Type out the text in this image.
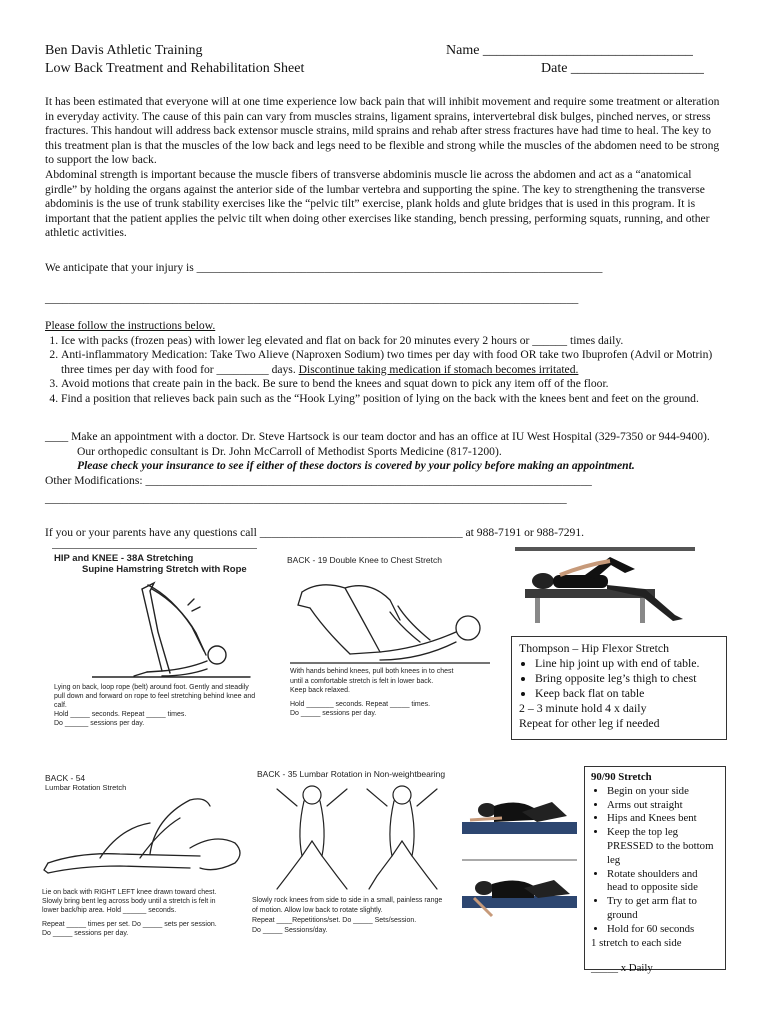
Ben Davis Athletic Training
Low Back Treatment and Rehabilitation Sheet
Name ______________________________
Date ___________________
It has been estimated that everyone will at one time experience low back pain that will inhibit movement and require some treatment or alteration in everyday activity. The cause of this pain can vary from muscles strains, ligament sprains, intervertebral disk bulges, pinched nerves, or stress fractures. This handout will address back extensor muscle strains, mild sprains and rehab after stress fractures have had time to heal. The key to this treatment plan is that the muscles of the low back and legs need to be flexible and strong while the muscles of the abdomen need to be strong to support the low back.
Abdominal strength is important because the muscle fibers of transverse abdominis muscle lie across the abdomen and act as a “anatomical girdle” by holding the organs against the anterior side of the lumbar vertebra and supporting the spine. The key to strengthening the transverse abdominis is the use of trunk stability exercises like the “pelvic tilt” exercise, plank holds and glute bridges that is used in this program. It is important that the patient applies the pelvic tilt when doing other exercises like standing, bench pressing, performing squats, running, and other athletic activities.
We anticipate that your injury is ______________________________________________________________________
____________________________________________________________________________________________
Please follow the instructions below.
1. Ice with packs (frozen peas) with lower leg elevated and flat on back for 20 minutes every 2 hours or ______ times daily.
2. Anti-inflammatory Medication: Take Two Alieve (Naproxen Sodium) two times per day with food OR take two Ibuprofen (Advil or Motrin) three times per day with food for _________ days. Discontinue taking medication if stomach becomes irritated.
3. Avoid motions that create pain in the back. Be sure to bend the knees and squat down to pick any item off of the floor.
4. Find a position that relieves back pain such as the “Hook Lying” position of lying on the back with the knees bent and feet on the ground.
____ Make an appointment with a doctor. Dr. Steve Hartsock is our team doctor and has an office at IU West Hospital (329-7350 or 944-9400). Our orthopedic consultant is Dr. John McCarroll of Methodist Sports Medicine (817-1200).
Please check your insurance to see if either of these doctors is covered by your policy before making an appointment.
Other Modifications: _____________________________________________________________________________
__________________________________________________________________________________________
If you or your parents have any questions call ___________________________________ at 988-7191 or 988-7291.
HIP and KNEE - 38A Stretching
Supine Hamstring Stretch with Rope
Lying on back, loop rope (belt) around foot. Gently and steadily
pull down and forward on rope to feel stretching behind knee and
calf.
Hold _____ seconds. Repeat _____ times.
Do ______ sessions per day.
BACK - 19 Double Knee to Chest Stretch
With hands behind knees, pull both knees in to chest
until a comfortable stretch is felt in lower back.
Keep back relaxed.
Hold _______ seconds. Repeat _____ times.
Do _____ sessions per day.
Thompson – Hip Flexor Stretch
• Line hip joint up with end of table.
• Bring opposite leg’s thigh to chest
• Keep back flat on table
2 – 3 minute hold 4 x daily
Repeat for other leg if needed
BACK - 54
Lumbar Rotation Stretch
Lie on back with RIGHT LEFT knee drawn toward chest.
Slowly bring bent leg across body until a stretch is felt in
lower back/hip area. Hold ______ seconds.
Repeat _____ times per set. Do _____ sets per session.
Do _____ sessions per day.
BACK - 35 Lumbar Rotation in Non-weightbearing
Slowly rock knees from side to side in a small, painless range
of motion. Allow low back to rotate slightly.
Repeat ____Repetitions/set. Do _____ Sets/session.
Do _____ Sessions/day.
90/90 Stretch
• Begin on your side
• Arms out straight
• Hips and Knees bent
• Keep the top leg PRESSED to the bottom leg
• Rotate shoulders and head to opposite side
• Try to get arm flat to ground
• Hold for 60 seconds
1 stretch to each side
_____ x Daily
